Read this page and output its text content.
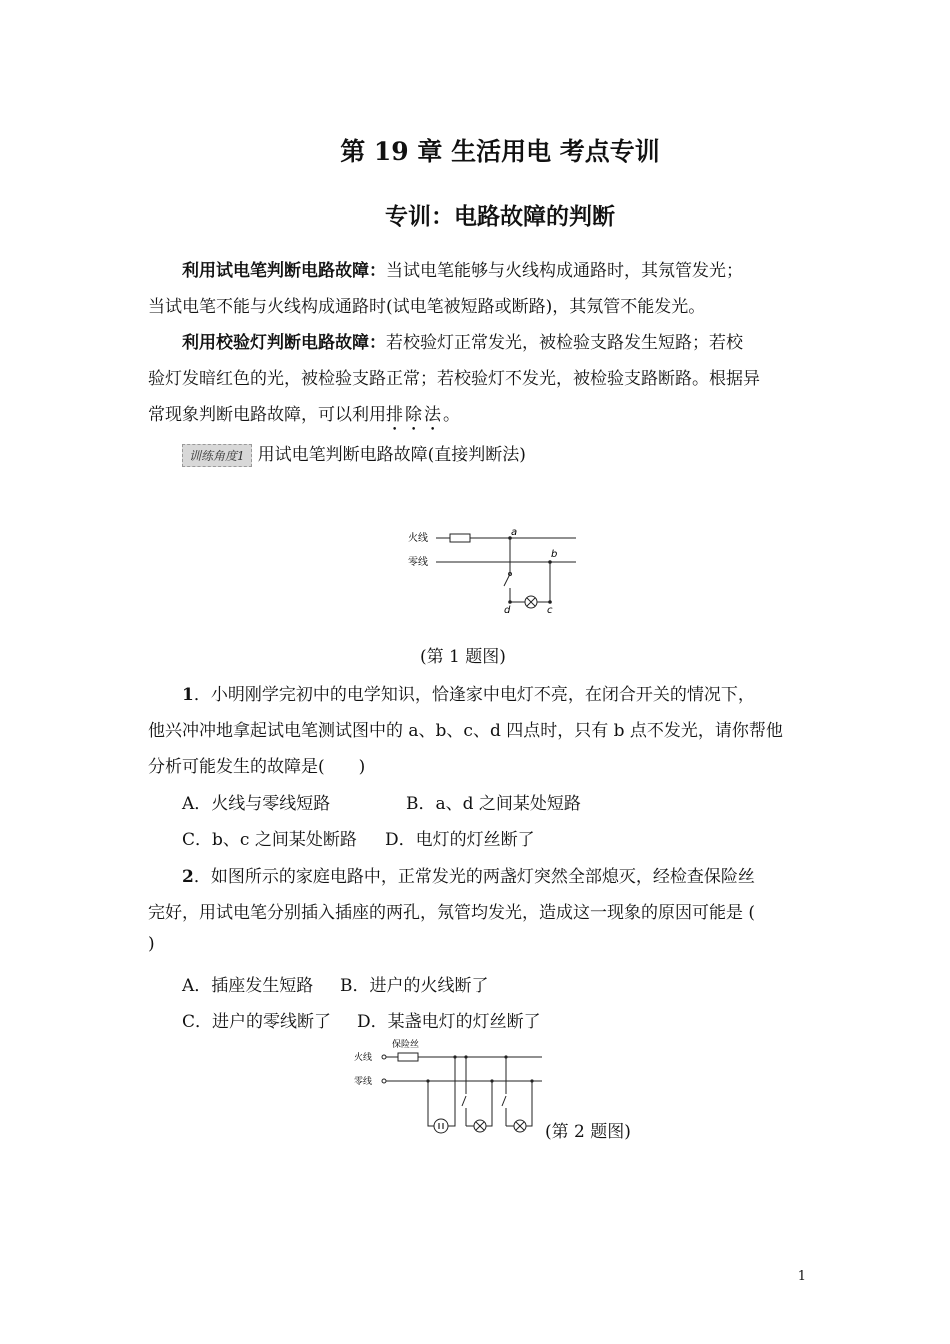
第 19 章 生活用电 考点专训
专训：电路故障的判断
利用试电笔判断电路故障：当试电笔能够与火线构成通路时，其氖管发光；
当试电笔不能与火线构成通路时(试电笔被短路或断路)，其氖管不能发光。
利用校验灯判断电路故障：若校验灯正常发光，被检验支路发生短路；若校
验灯发暗红色的光，被检验支路正常；若校验灯不发光，被检验支路断路。根据异
常现象判断电路故障，可以利用排除法。
训练角度1 用试电笔判断电路故障(直接判断法)
火线
零线
a
d	c
b
(第 1 题图)
1．小明刚学完初中的电学知识，恰逢家中电灯不亮，在闭合开关的情况下，
他兴冲冲地拿起试电笔测试图中的 a、b、c、d 四点时，只有 b 点不发光，请你帮他
分析可能发生的故障是(　　)
A．火线与零线短路	B．a、d 之间某处短路
C．b、c 之间某处断路 D．电灯的灯丝断了
2．如图所示的家庭电路中，正常发光的两盏灯突然全部熄灭，经检查保险丝
完好，用试电笔分别插入插座的两孔，氖管均发光，造成这一现象的原因可能是 (
)
A．插座发生短路 B．进户的火线断了
C．进户的零线断了 D．某盏电灯的灯丝断了
保险丝
火线
零线
(第 2 题图)
1
